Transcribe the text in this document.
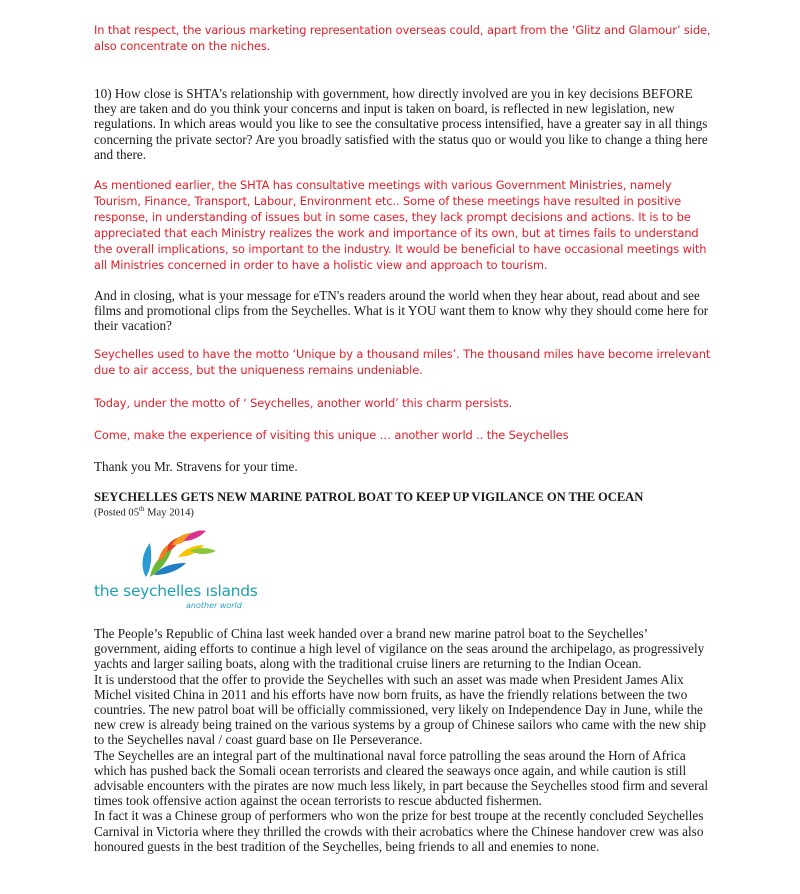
In that respect, the various marketing representation overseas could, apart from the ‘Glitz and Glamour’ side, also concentrate on the niches.

10) How close is SHTA's relationship with government, how directly involved are you in key decisions BEFORE they are taken and do you think your concerns and input is taken on board, is reflected in new legislation, new regulations. In which areas would you like to see the consultative process intensified, have a greater say in all things concerning the private sector? Are you broadly satisfied with the status quo or would you like to change a thing here and there.

As mentioned earlier, the SHTA has consultative meetings with various Government Ministries, namely Tourism, Finance, Transport, Labour, Environment etc.. Some of these meetings have resulted in positive response, in understanding of issues but in some cases, they lack prompt decisions and actions. It is to be appreciated that each Ministry realizes the work and importance of its own, but at times fails to understand the overall implications, so important to the industry. It would be beneficial to have occasional meetings with all Ministries concerned in order to have a holistic view and approach to tourism.

And in closing, what is your message for eTN's readers around the world when they hear about, read about and see films and promotional clips from the Seychelles. What is it YOU want them to know why they should come here for their vacation?

Seychelles used to have the motto ‘Unique by a thousand miles’. The thousand miles have become irrelevant due to air access, but the uniqueness remains undeniable.

Today, under the motto of ‘ Seychelles, another world’ this charm persists.

Come, make the experience of visiting this unique … another world .. the Seychelles

Thank you Mr. Stravens for your time.

SEYCHELLES GETS NEW MARINE PATROL BOAT TO KEEP UP VIGILANCE ON THE OCEAN

(Posted 05th May 2014)

the seychelles ıslands
another world

The People’s Republic of China last week handed over a brand new marine patrol boat to the Seychelles’ government, aiding efforts to continue a high level of vigilance on the seas around the archipelago, as progressively yachts and larger sailing boats, along with the traditional cruise liners are returning to the Indian Ocean.
It is understood that the offer to provide the Seychelles with such an asset was made when President James Alix Michel visited China in 2011 and his efforts have now born fruits, as have the friendly relations between the two countries. The new patrol boat will be officially commissioned, very likely on Independence Day in June, while the new crew is already being trained on the various systems by a group of Chinese sailors who came with the new ship to the Seychelles naval / coast guard base on Ile Perseverance.
The Seychelles are an integral part of the multinational naval force patrolling the seas around the Horn of Africa which has pushed back the Somali ocean terrorists and cleared the seaways once again, and while caution is still advisable encounters with the pirates are now much less likely, in part because the Seychelles stood firm and several times took offensive action against the ocean terrorists to rescue abducted fishermen.
In fact it was a Chinese group of performers who won the prize for best troupe at the recently concluded Seychelles Carnival in Victoria where they thrilled the crowds with their acrobatics where the Chinese handover crew was also honoured guests in the best tradition of the Seychelles, being friends to all and enemies to none.
